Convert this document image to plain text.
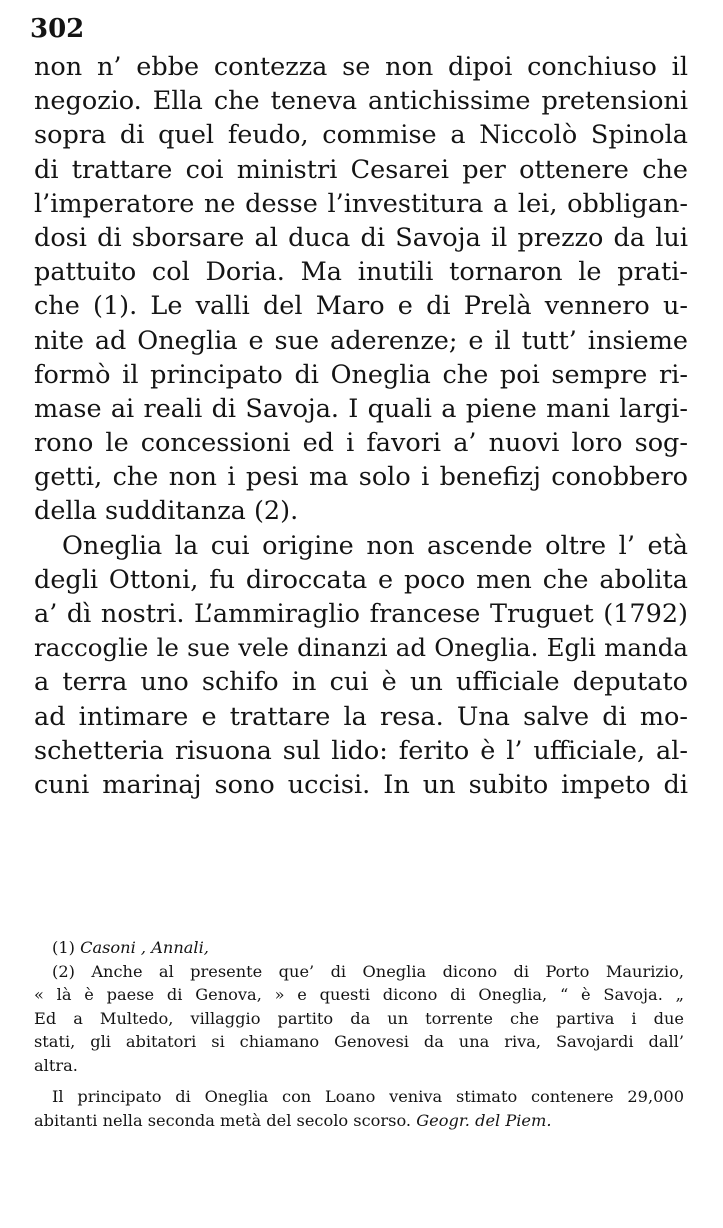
302
non n’ ebbe contezza se non dipoi conchiuso il
negozio. Ella che teneva antichissime pretensioni
sopra di quel feudo, commise a Niccolò Spinola
di trattare coi ministri Cesarei per ottenere che
l’imperatore ne desse l’investitura a lei, obbligan-
dosi di sborsare al duca di Savoja il prezzo da lui
pattuito col Doria. Ma inutili tornaron le prati-
che (1). Le valli del Maro e di Prelà vennero u-
nite ad Oneglia e sue aderenze; e il tutt’ insieme
formò il principato di Oneglia che poi sempre ri-
mase ai reali di Savoja. I quali a piene mani largi-
rono le concessioni ed i favori a’ nuovi loro sog-
getti, che non i pesi ma solo i benefizj conobbero
della sudditanza (2).
Oneglia la cui origine non ascende oltre l’ età
degli Ottoni, fu diroccata e poco men che abolita
a’ dì nostri. L’ammiraglio francese Truguet (1792)
raccoglie le sue vele dinanzi ad Oneglia. Egli manda
a terra uno schifo in cui è un ufficiale deputato
ad intimare e trattare la resa. Una salve di mo-
schetteria risuona sul lido: ferito è l’ ufficiale, al-
cuni marinaj sono uccisi. In un subito impeto di
(1) Casoni , Annali,
(2) Anche al presente que’ di Oneglia dicono di Porto Maurizio,
« là è paese di Genova, » e questi dicono di Oneglia, “ è Savoja. „
Ed a Multedo, villaggio partito da un torrente che partiva i due
stati, gli abitatori si chiamano Genovesi da una riva, Savojardi dall’
altra.
Il principato di Oneglia con Loano veniva stimato contenere 29,000
abitanti nella seconda metà del secolo scorso. Geogr. del Piem.
